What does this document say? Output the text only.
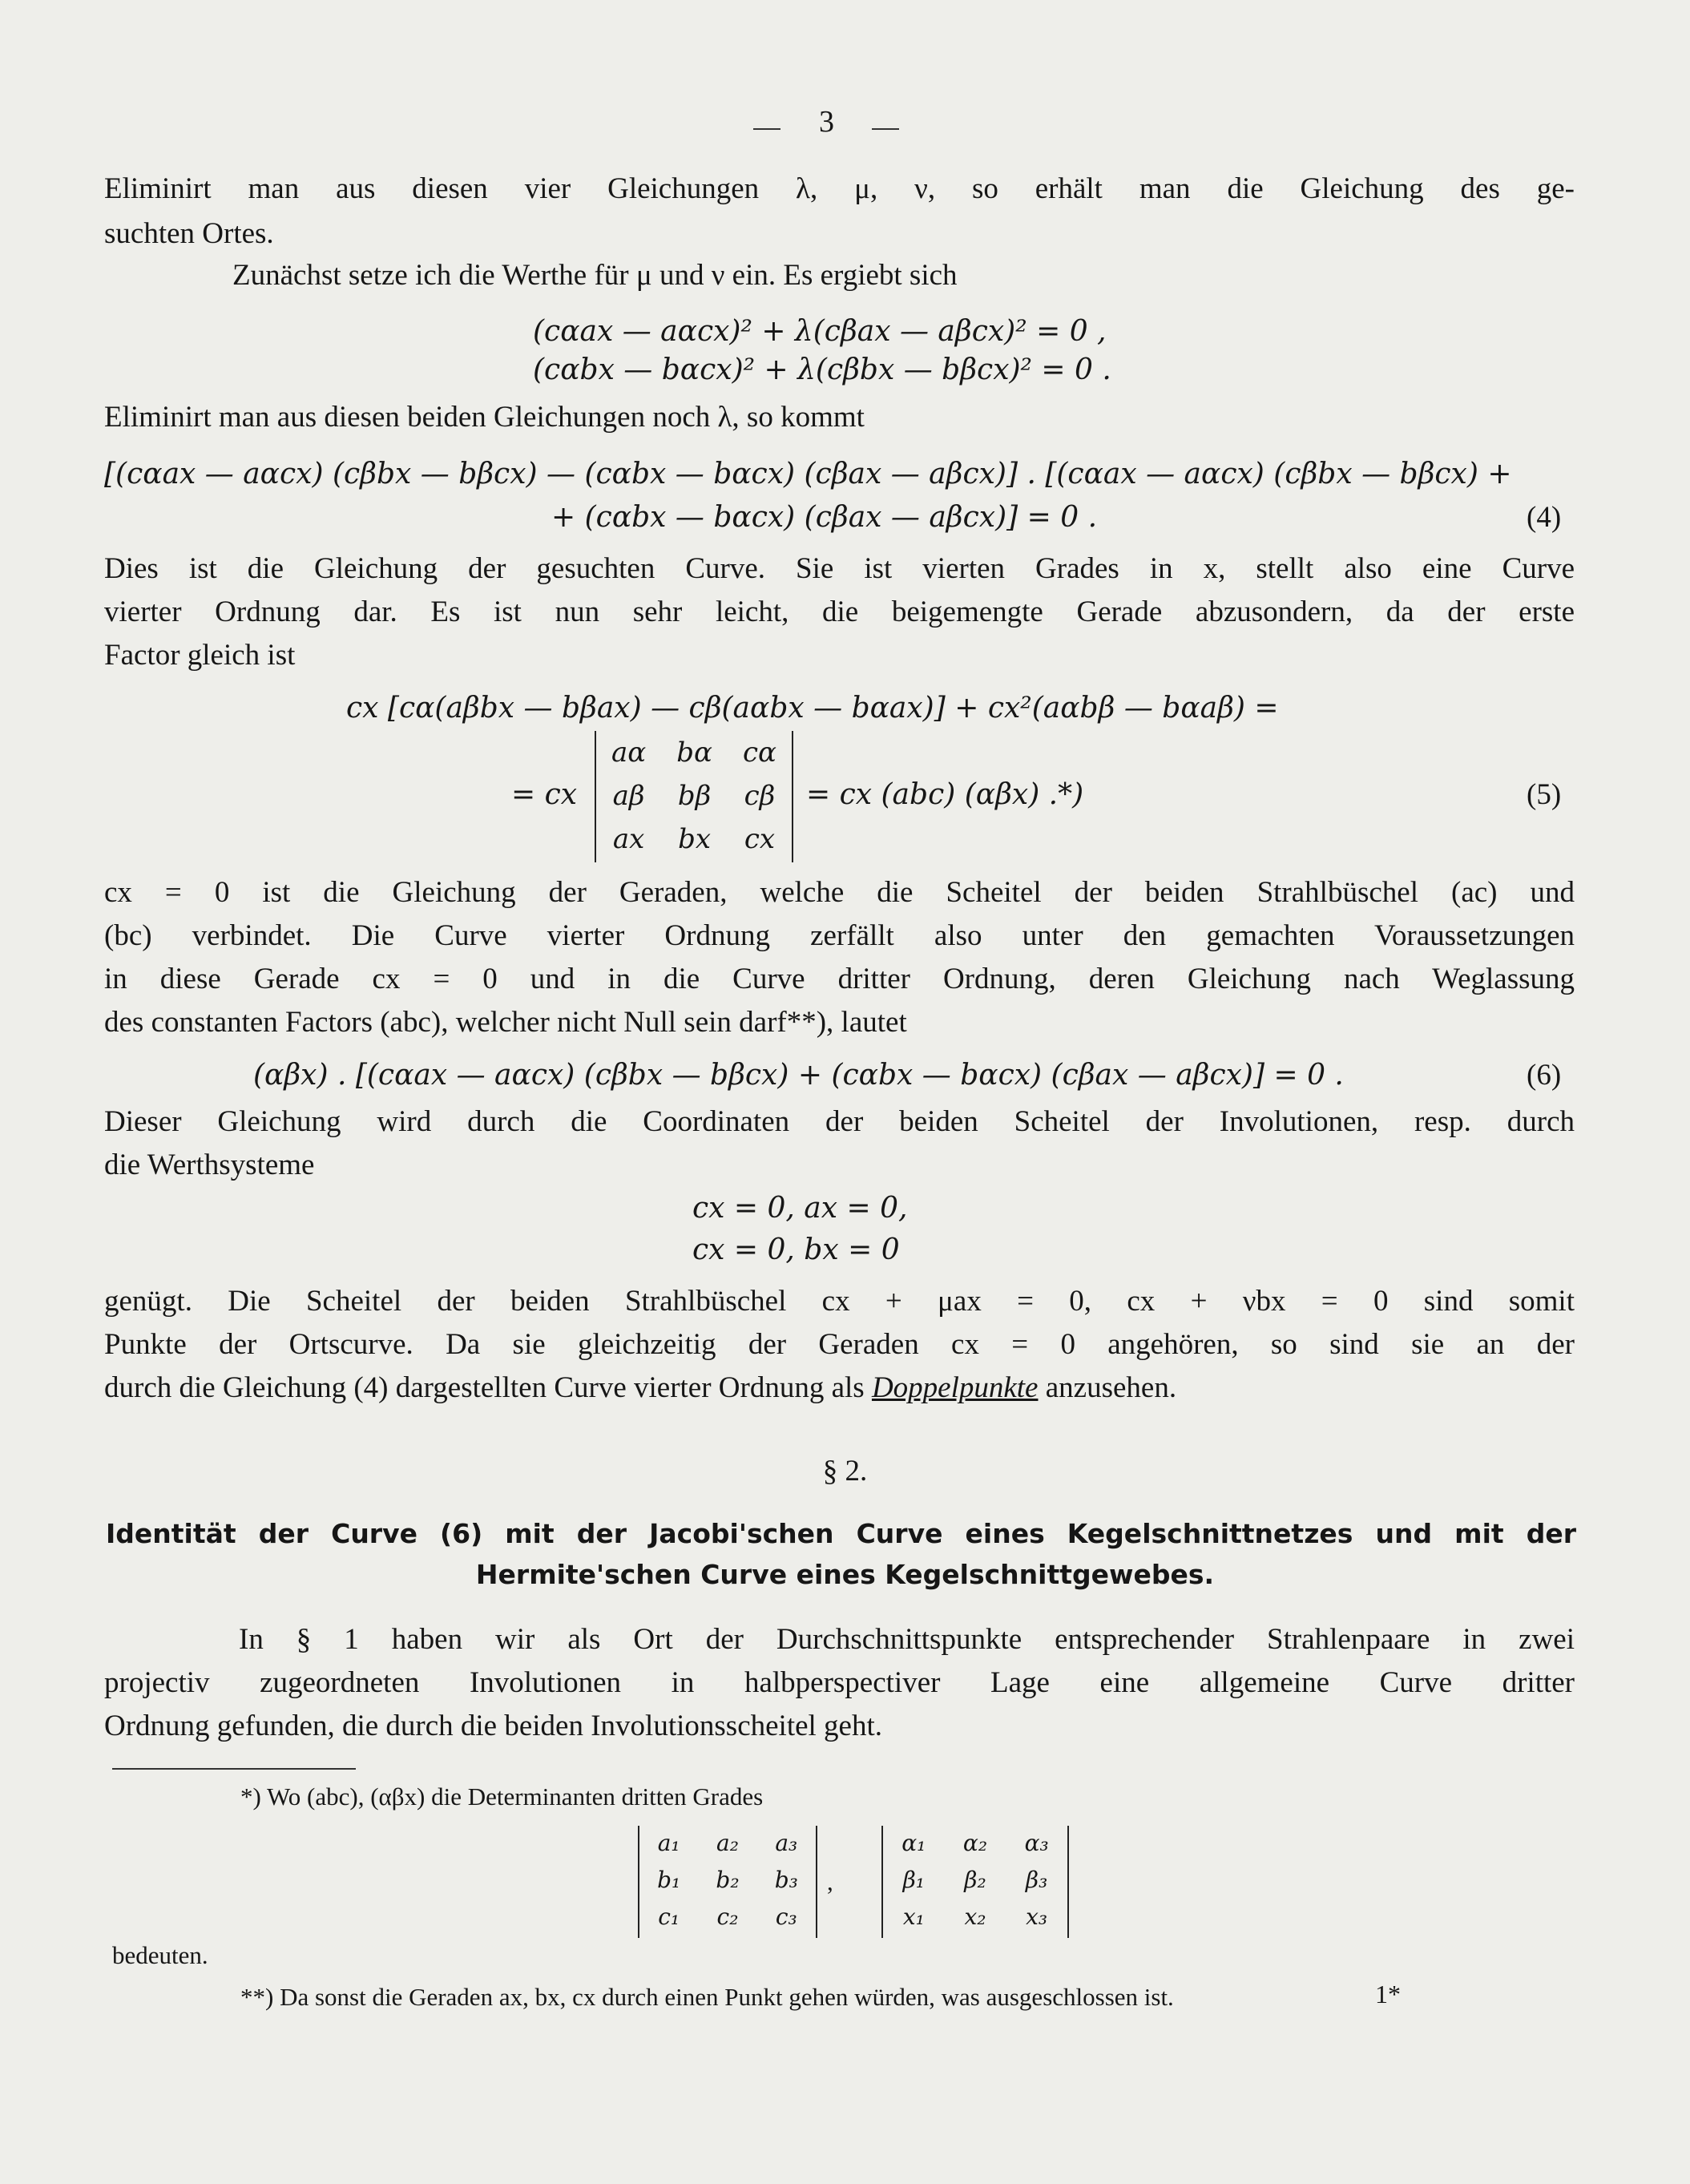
3
Eliminirt man aus diesen vier Gleichungen λ, μ, ν, so erhält man die Gleichung des ge-
suchten Ortes.
Zunächst setze ich die Werthe für μ und ν ein. Es ergiebt sich
(cαax — aαcx)² + λ(cβax — aβcx)² = 0 ,
(cαbx — bαcx)² + λ(cβbx — bβcx)² = 0 .
Eliminirt man aus diesen beiden Gleichungen noch λ, so kommt
[(cαax — aαcx) (cβbx — bβcx) — (cαbx — bαcx) (cβax — aβcx)] . [(cαax — aαcx) (cβbx — bβcx) +
+ (cαbx — bαcx) (cβax — aβcx)] = 0 .	(4)
Dies ist die Gleichung der gesuchten Curve. Sie ist vierten Grades in x, stellt also eine Curve
vierter Ordnung dar. Es ist nun sehr leicht, die beigemengte Gerade abzusondern, da der erste
Factor gleich ist
cx [cα(aβbx — bβax) — cβ(aαbx — bαax)] + cx²(aαbβ — bαaβ) =
= cx
aα bα cα
aβ bβ cβ
ax bx cx
= cx (abc) (αβx) .*)	(5)
cx = 0 ist die Gleichung der Geraden, welche die Scheitel der beiden Strahlbüschel (ac) und
(bc) verbindet. Die Curve vierter Ordnung zerfällt also unter den gemachten Voraussetzungen
in diese Gerade cx = 0 und in die Curve dritter Ordnung, deren Gleichung nach Weglassung
des constanten Factors (abc), welcher nicht Null sein darf**), lautet
(αβx) . [(cαax — aαcx) (cβbx — bβcx) + (cαbx — bαcx) (cβax — aβcx)] = 0 .	(6)
Dieser Gleichung wird durch die Coordinaten der beiden Scheitel der Involutionen, resp. durch
die Werthsysteme
cx = 0, ax = 0,
cx = 0, bx = 0
genügt. Die Scheitel der beiden Strahlbüschel cx + μax = 0, cx + νbx = 0 sind somit
Punkte der Ortscurve. Da sie gleichzeitig der Geraden cx = 0 angehören, so sind sie an der
durch die Gleichung (4) dargestellten Curve vierter Ordnung als Doppelpunkte anzusehen.
§ 2.
Identität der Curve (6) mit der Jacobi'schen Curve eines Kegelschnittnetzes und mit der
Hermite'schen Curve eines Kegelschnittgewebes.
In § 1 haben wir als Ort der Durchschnittspunkte entsprechender Strahlenpaare in zwei
projectiv zugeordneten Involutionen in halbperspectiver Lage eine allgemeine Curve dritter
Ordnung gefunden, die durch die beiden Involutionsscheitel geht.
*) Wo (abc), (αβx) die Determinanten dritten Grades
a₁ a₂ a₃
b₁ b₂ b₃
c₁ c₂ c₃
,
α₁ α₂ α₃
β₁ β₂ β₃
x₁ x₂ x₃
bedeuten.
**) Da sonst die Geraden ax, bx, cx durch einen Punkt gehen würden, was ausgeschlossen ist.	1*
